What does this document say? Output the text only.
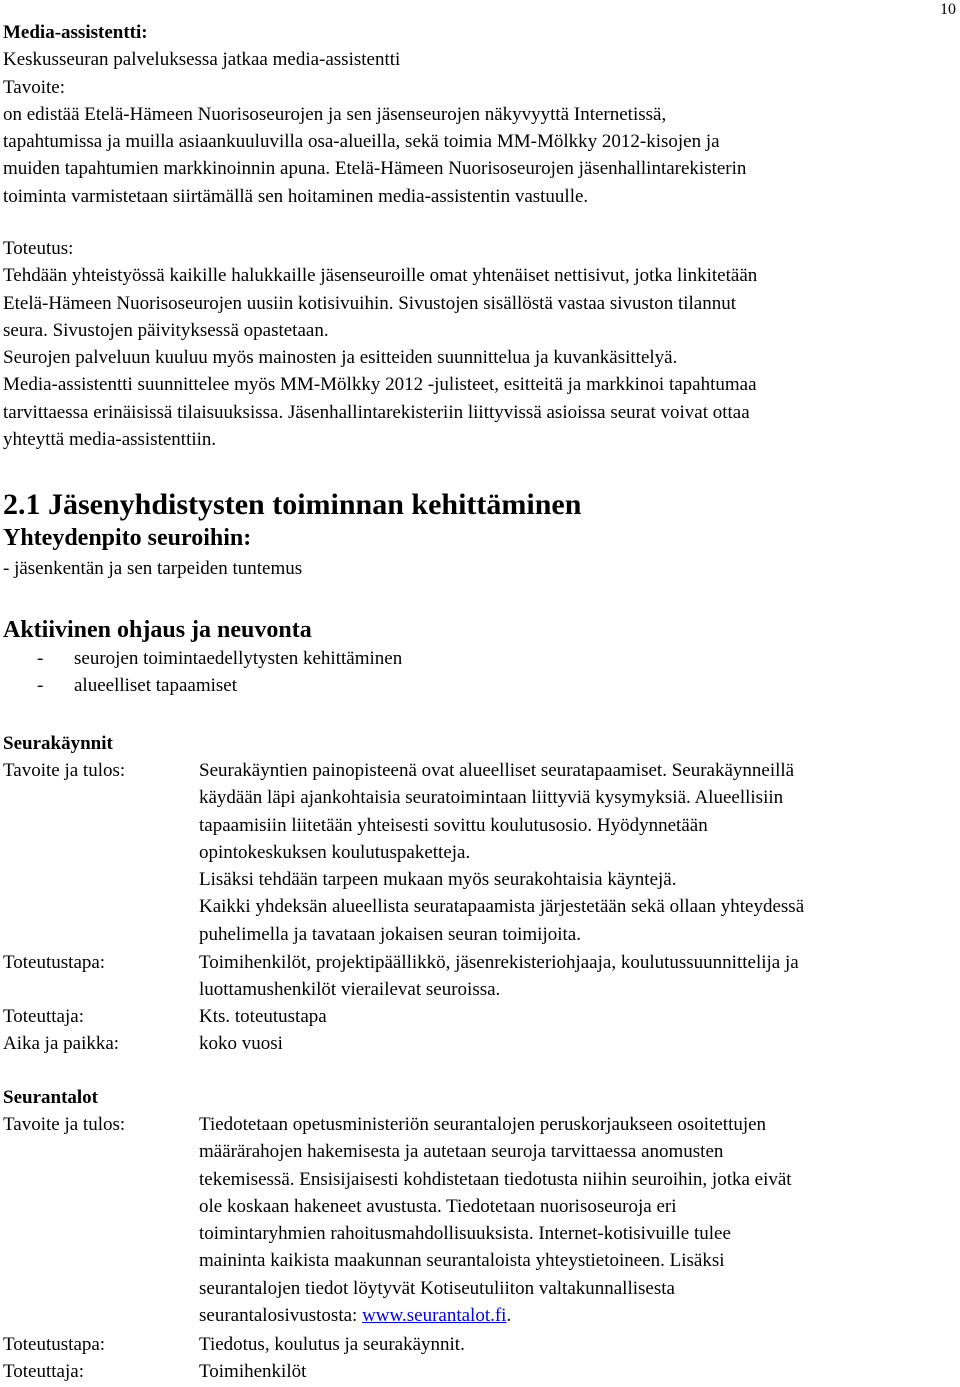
10

Media-assistentti:

Keskusseuran palveluksessa jatkaa media-assistentti

Tavoite:

on edistää Etelä-Hämeen Nuorisoseurojen ja sen jäsenseurojen näkyvyyttä Internetissä,

tapahtumissa ja muilla asiaankuuluvilla osa-alueilla, sekä toimia MM-Mölkky 2012-kisojen ja

muiden tapahtumien markkinoinnin apuna. Etelä-Hämeen Nuorisoseurojen jäsenhallintarekisterin

toiminta varmistetaan siirtämällä sen hoitaminen media-assistentin vastuulle.

Toteutus:

Tehdään yhteistyössä kaikille halukkaille jäsenseuroille omat yhtenäiset nettisivut, jotka linkitetään

Etelä-Hämeen Nuorisoseurojen uusiin kotisivuihin. Sivustojen sisällöstä vastaa sivuston tilannut

seura. Sivustojen päivityksessä opastetaan.

Seurojen palveluun kuuluu myös mainosten ja esitteiden suunnittelua ja kuvankäsittelyä.

Media-assistentti suunnittelee myös MM-Mölkky 2012 -julisteet, esitteitä ja markkinoi tapahtumaa

tarvittaessa erinäisissä tilaisuuksissa. Jäsenhallintarekisteriin liittyvissä asioissa seurat voivat ottaa

yhteyttä media-assistenttiin.

2.1 Jäsenyhdistysten toiminnan kehittäminen

Yhteydenpito seuroihin:

- jäsenkentän ja sen tarpeiden tuntemus

Aktiivinen ohjaus ja neuvonta

-	seurojen toimintaedellytysten kehittäminen
-	alueelliset tapaamiset

Seurakäynnit

Tavoite ja tulos:	Seurakäyntien painopisteenä ovat alueelliset seuratapaamiset. Seurakäynneillä

käydään läpi ajankohtaisia seuratoimintaan liittyviä kysymyksiä. Alueellisiin

tapaamisiin liitetään yhteisesti sovittu koulutusosio. Hyödynnetään

opintokeskuksen koulutuspaketteja.

Lisäksi tehdään tarpeen mukaan myös seurakohtaisia käyntejä.

Kaikki yhdeksän alueellista seuratapaamista järjestetään sekä ollaan yhteydessä

puhelimella ja tavataan jokaisen seuran toimijoita.

Toteutustapa:	Toimihenkilöt, projektipäällikkö, jäsenrekisteriohjaaja, koulutussuunnittelija ja

luottamushenkilöt vierailevat seuroissa.

Toteuttaja:	Kts. toteutustapa
Aika ja paikka:	koko vuosi

Seurantalot

Tavoite ja tulos:	Tiedotetaan opetusministeriön seurantalojen peruskorjaukseen osoitettujen

määrärahojen hakemisesta ja autetaan seuroja tarvittaessa anomusten

tekemisessä. Ensisijaisesti kohdistetaan tiedotusta niihin seuroihin, jotka eivät

ole koskaan hakeneet avustusta. Tiedotetaan nuorisoseuroja eri

toimintaryhmien rahoitusmahdollisuuksista. Internet-kotisivuille tulee

maininta kaikista maakunnan seurantaloista yhteystietoineen. Lisäksi

seurantalojen tiedot löytyvät Kotiseutuliiton valtakunnallisesta

seurantalosivustosta: www.seurantalot.fi.

Toteutustapa:	Tiedotus, koulutus ja seurakäynnit.
Toteuttaja:	Toimihenkilöt
